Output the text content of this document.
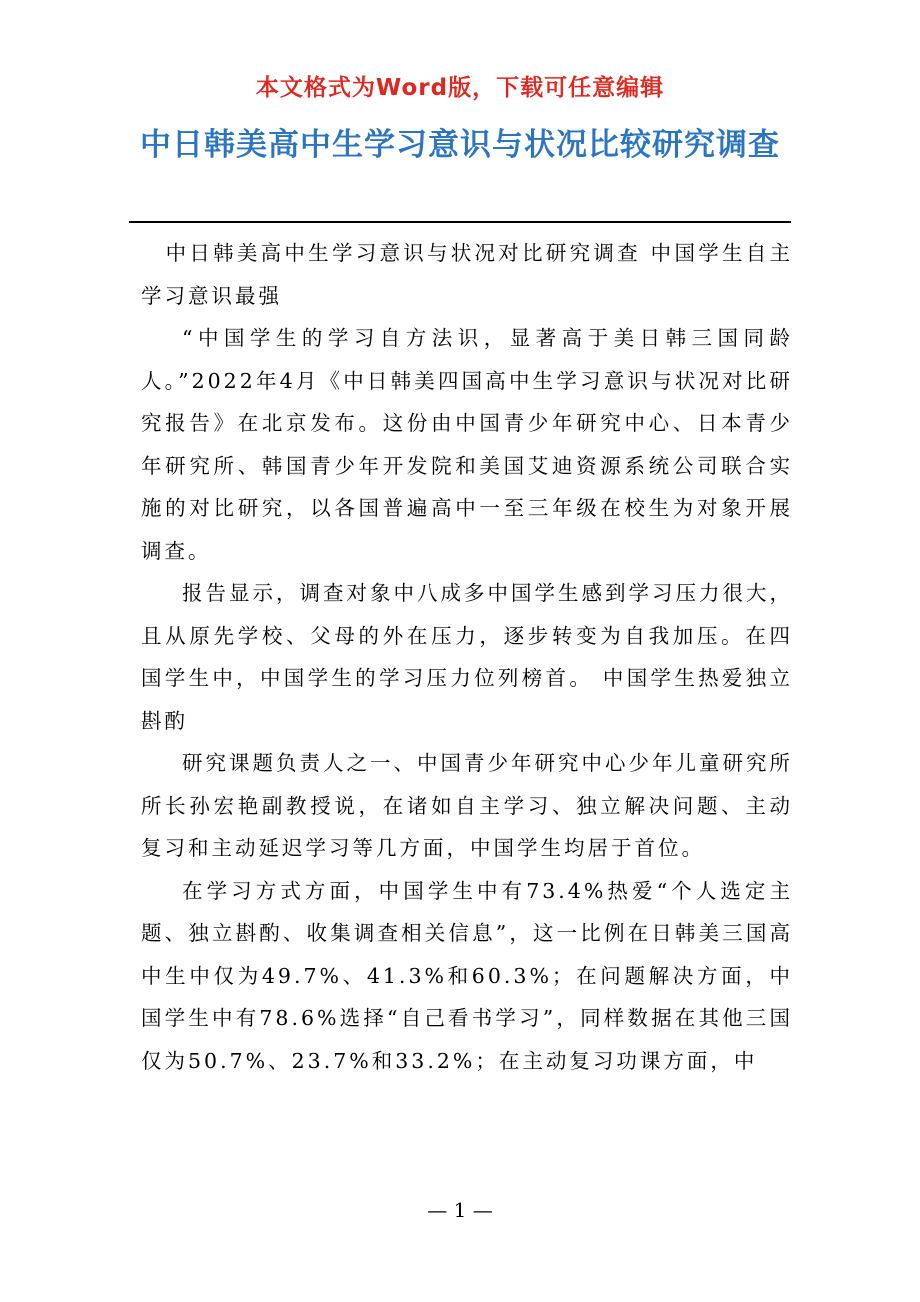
本文格式为Word版，下载可任意编辑
中日韩美高中生学习意识与状况比较研究调查

中日韩美高中生学习意识与状况对比研究调查 中国学生自主学习意识最强

“中国学生的学习自方法识，显著高于美日韩三国同龄人。”2022年4月《中日韩美四国高中生学习意识与状况对比研究报告》在北京发布。这份由中国青少年研究中心、日本青少年研究所、韩国青少年开发院和美国艾迪资源系统公司联合实施的对比研究，以各国普遍高中一至三年级在校生为对象开展调查。

报告显示，调查对象中八成多中国学生感到学习压力很大，且从原先学校、父母的外在压力，逐步转变为自我加压。在四国学生中，中国学生的学习压力位列榜首。 中国学生热爱独立斟酌

研究课题负责人之一、中国青少年研究中心少年儿童研究所所长孙宏艳副教授说，在诸如自主学习、独立解决问题、主动复习和主动延迟学习等几方面，中国学生均居于首位。

在学习方式方面，中国学生中有73.4%热爱“个人选定主题、独立斟酌、收集调查相关信息”，这一比例在日韩美三国高中生中仅为49.7%、41.3%和60.3%；在问题解决方面，中国学生中有78.6%选择“自己看书学习”，同样数据在其他三国仅为50.7%、23.7%和33.2%；在主动复习功课方面，中

— 1 —
